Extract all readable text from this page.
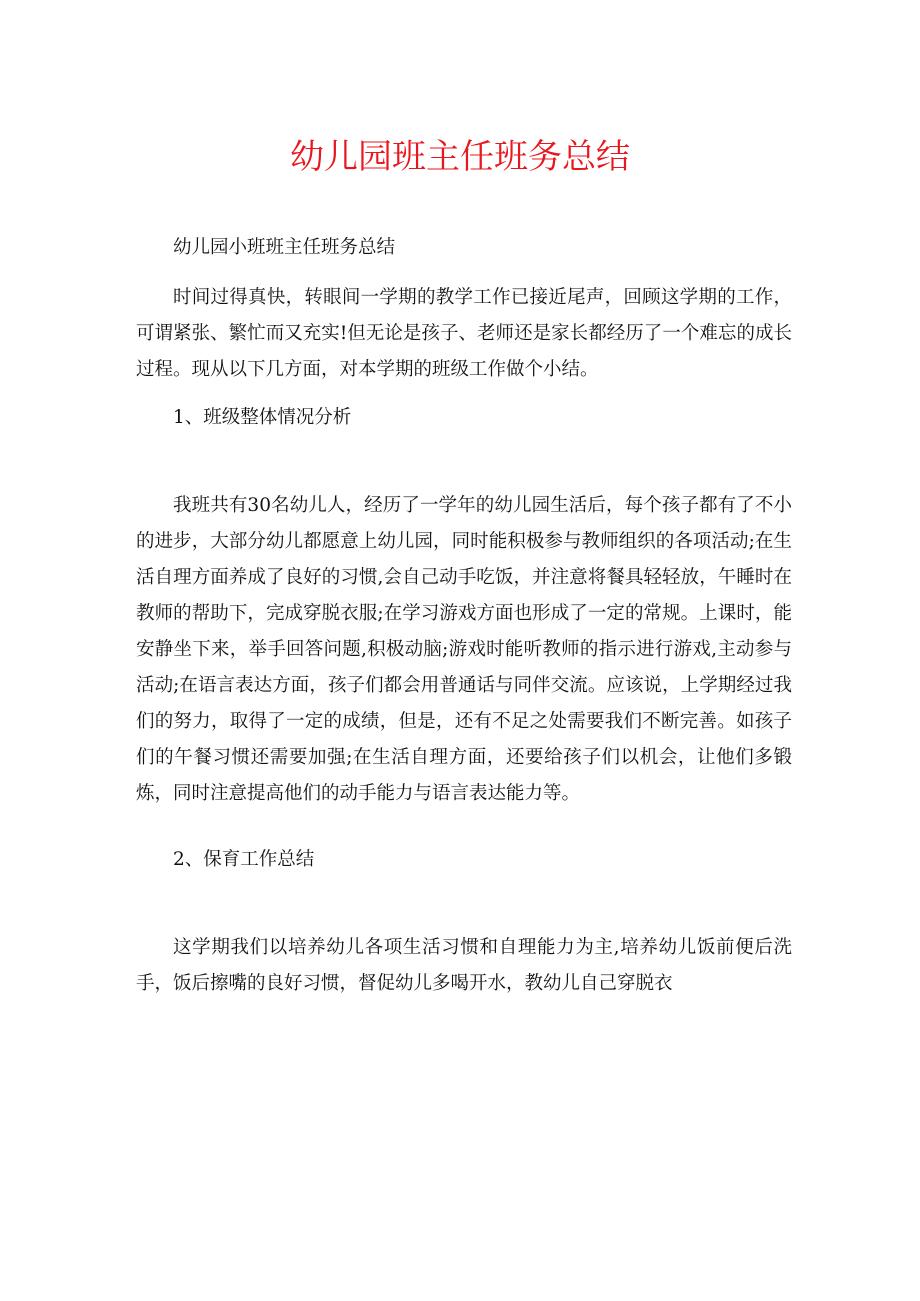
幼儿园班主任班务总结

幼儿园小班班主任班务总结

时间过得真快，转眼间一学期的教学工作已接近尾声，回顾这学期的工作，可谓紧张、繁忙而又充实!但无论是孩子、老师还是家长都经历了一个难忘的成长过程。现从以下几方面，对本学期的班级工作做个小结。

1、班级整体情况分析

我班共有30名幼儿人，经历了一学年的幼儿园生活后，每个孩子都有了不小的进步，大部分幼儿都愿意上幼儿园，同时能积极参与教师组织的各项活动;在生活自理方面养成了良好的习惯,会自己动手吃饭，并注意将餐具轻轻放，午睡时在教师的帮助下，完成穿脱衣服;在学习游戏方面也形成了一定的常规。上课时，能安静坐下来，举手回答问题,积极动脑;游戏时能听教师的指示进行游戏,主动参与活动;在语言表达方面，孩子们都会用普通话与同伴交流。应该说，上学期经过我们的努力，取得了一定的成绩，但是，还有不足之处需要我们不断完善。如孩子们的午餐习惯还需要加强;在生活自理方面，还要给孩子们以机会，让他们多锻炼，同时注意提高他们的动手能力与语言表达能力等。

2、保育工作总结

这学期我们以培养幼儿各项生活习惯和自理能力为主,培养幼儿饭前便后洗手，饭后擦嘴的良好习惯，督促幼儿多喝开水，教幼儿自己穿脱衣
